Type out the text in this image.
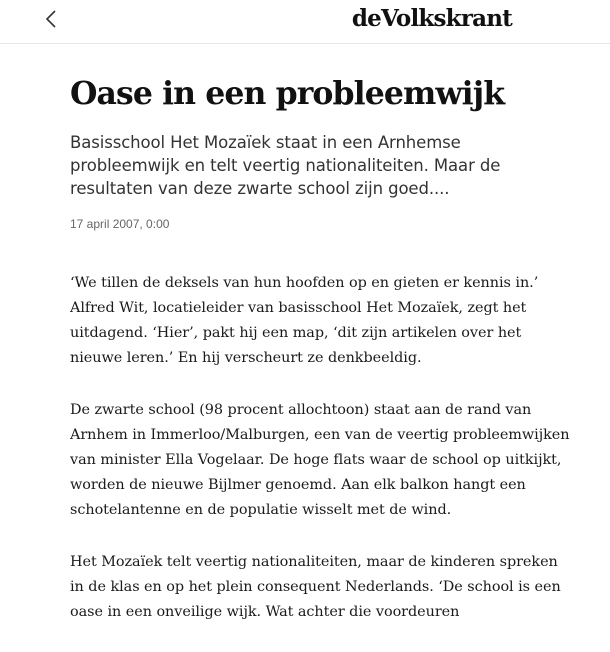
deVolkskrant
Oase in een probleemwijk

Basisschool Het Mozaïek staat in een Arnhemse probleemwijk en telt veertig nationaliteiten. Maar de resultaten van deze zwarte school zijn goed....

17 april 2007, 0:00

‘We tillen de deksels van hun hoofden op en gieten er kennis in.’ Alfred Wit, locatieleider van basisschool Het Mozaïek, zegt het uitdagend. ‘Hier’, pakt hij een map, ‘dit zijn artikelen over het nieuwe leren.’ En hij verscheurt ze denkbeeldig.

De zwarte school (98 procent allochtoon) staat aan de rand van Arnhem in Immerloo/Malburgen, een van de veertig probleemwijken van minister Ella Vogelaar. De hoge flats waar de school op uitkijkt, worden de nieuwe Bijlmer genoemd. Aan elk balkon hangt een schotelantenne en de populatie wisselt met de wind.

Het Mozaïek telt veertig nationaliteiten, maar de kinderen spreken in de klas en op het plein consequent Nederlands. ‘De school is een oase in een onveilige wijk. Wat achter die voordeuren
